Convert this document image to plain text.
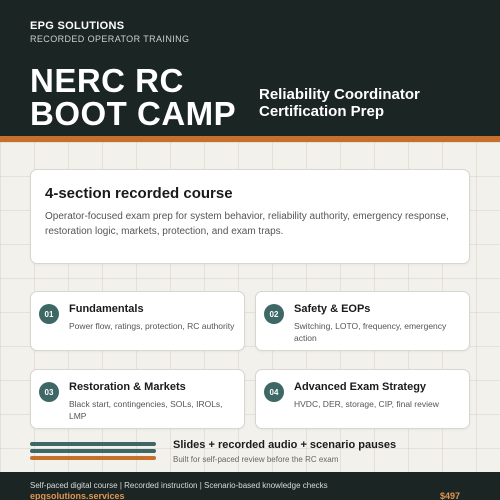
EPG SOLUTIONS
RECORDED OPERATOR TRAINING
NERC RC
BOOT CAMP
Reliability Coordinator
Certification Prep
4-section recorded course
Operator-focused exam prep for system behavior, reliability authority, emergency response, restoration logic, markets, protection, and exam traps.
01	Fundamentals
Power flow, ratings, protection, RC authority
02	Safety & EOPs
Switching, LOTO, frequency, emergency action
03	Restoration & Markets
Black start, contingencies, SOLs, IROLs, LMP
04	Advanced Exam Strategy
HVDC, DER, storage, CIP, final review
Slides + recorded audio + scenario pauses
Built for self-paced review before the RC exam
Self-paced digital course | Recorded instruction | Scenario-based knowledge checks
epgsolutions.services	$497
